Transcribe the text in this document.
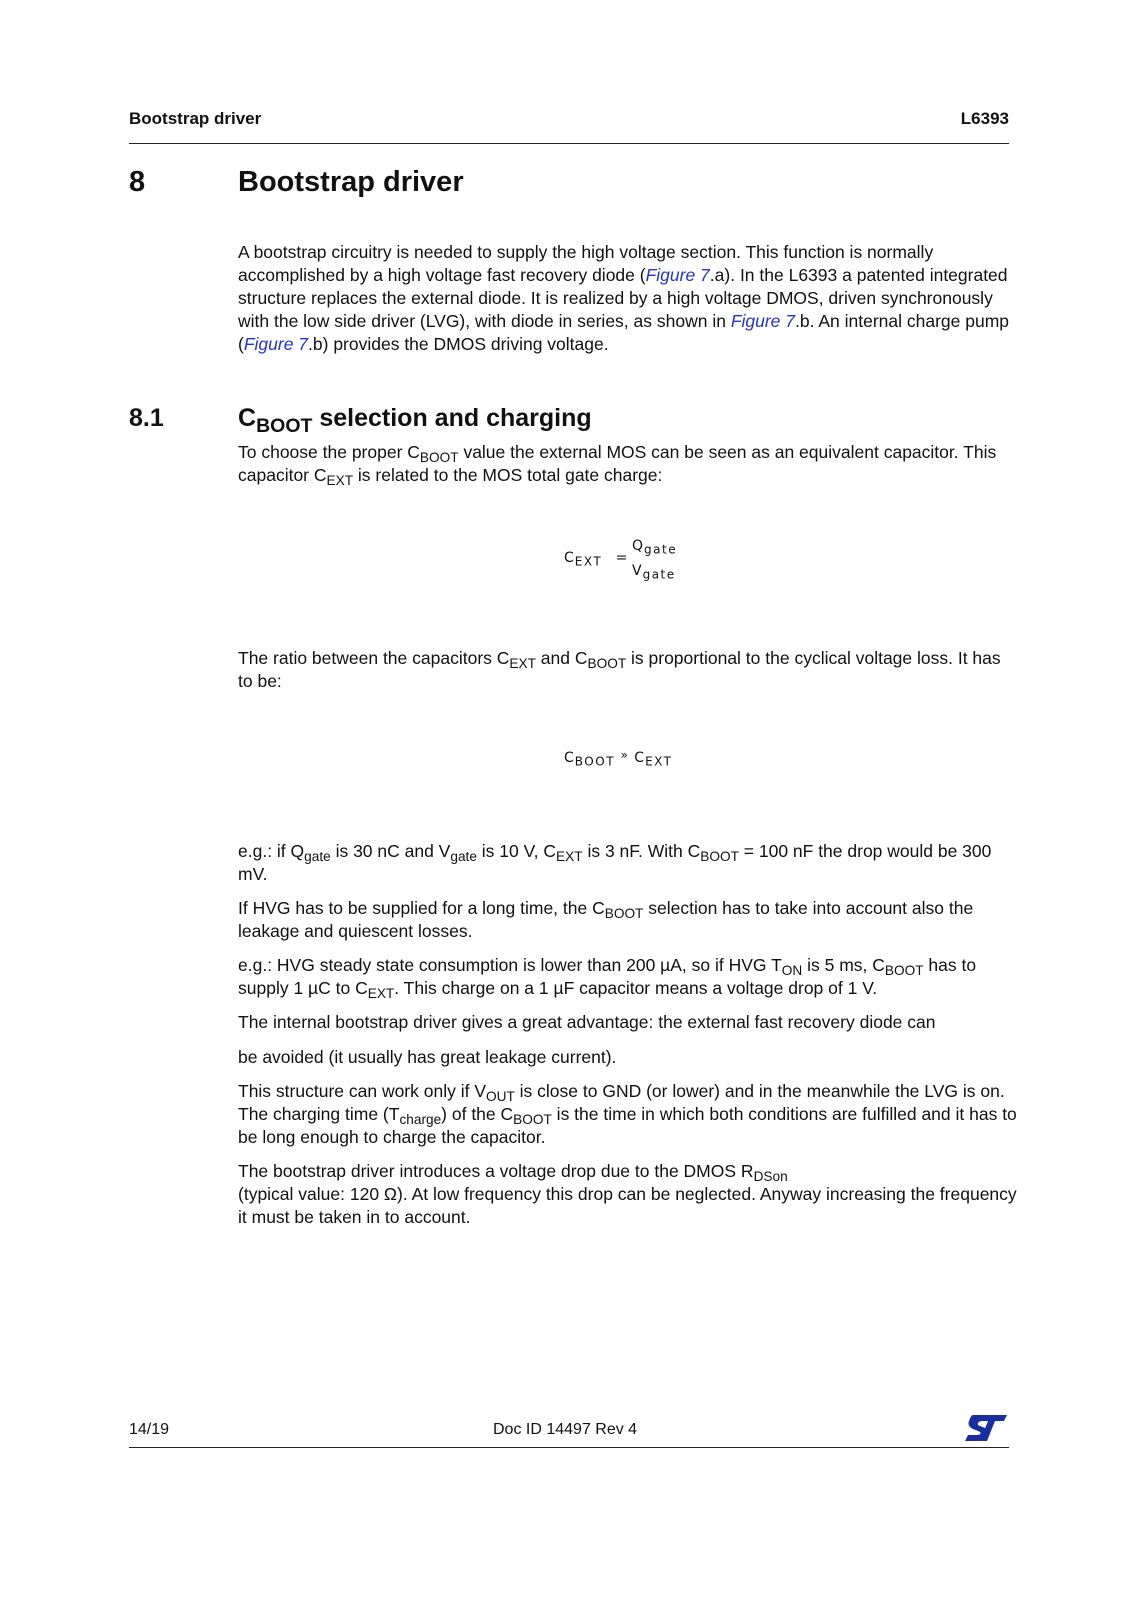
Bootstrap driver	L6393
8	Bootstrap driver

A bootstrap circuitry is needed to supply the high voltage section. This function is normally accomplished by a high voltage fast recovery diode (Figure 7.a). In the L6393 a patented integrated structure replaces the external diode. It is realized by a high voltage DMOS, driven synchronously with the low side driver (LVG), with diode in series, as shown in Figure 7.b. An internal charge pump (Figure 7.b) provides the DMOS driving voltage.

8.1	$C_{BOOT}$ selection and charging

To choose the proper $C_{BOOT}$ value the external MOS can be seen as an equivalent capacitor. This capacitor $C_{EXT}$ is related to the MOS total gate charge:

$C_{EXT}$ =
$Q_{gate}$
$V_{gate}$

The ratio between the capacitors $C_{EXT}$ and $C_{BOOT}$ is proportional to the cyclical voltage loss. It has to be:

$C_{BOOT}$ » $C_{EXT}$

e.g.: if $Q_{gate}$ is 30 nC and $V_{gate}$ is 10 V, $C_{EXT}$ is 3 nF. With $C_{BOOT} = 100$ nF the drop would be 300 mV.

If HVG has to be supplied for a long time, the $C_{BOOT}$ selection has to take into account also the leakage and quiescent losses.

e.g.: HVG steady state consumption is lower than 200 µA, so if HVG $T_{ON}$ is 5 ms, $C_{BOOT}$ has to supply 1 µC to $C_{EXT}$. This charge on a 1 µF capacitor means a voltage drop of 1 V.

The internal bootstrap driver gives a great advantage: the external fast recovery diode can

be avoided (it usually has great leakage current).

This structure can work only if $V_{OUT}$ is close to GND (or lower) and in the meanwhile the LVG is on. The charging time $(T_{charge})$ of the $C_{BOOT}$ is the time in which both conditions are fulfilled and it has to be long enough to charge the capacitor.

The bootstrap driver introduces a voltage drop due to the DMOS $R_{DSon}$
(typical value: 120 Ω). At low frequency this drop can be neglected. Anyway increasing the frequency it must be taken in to account.

14/19	Doc ID 14497 Rev 4
